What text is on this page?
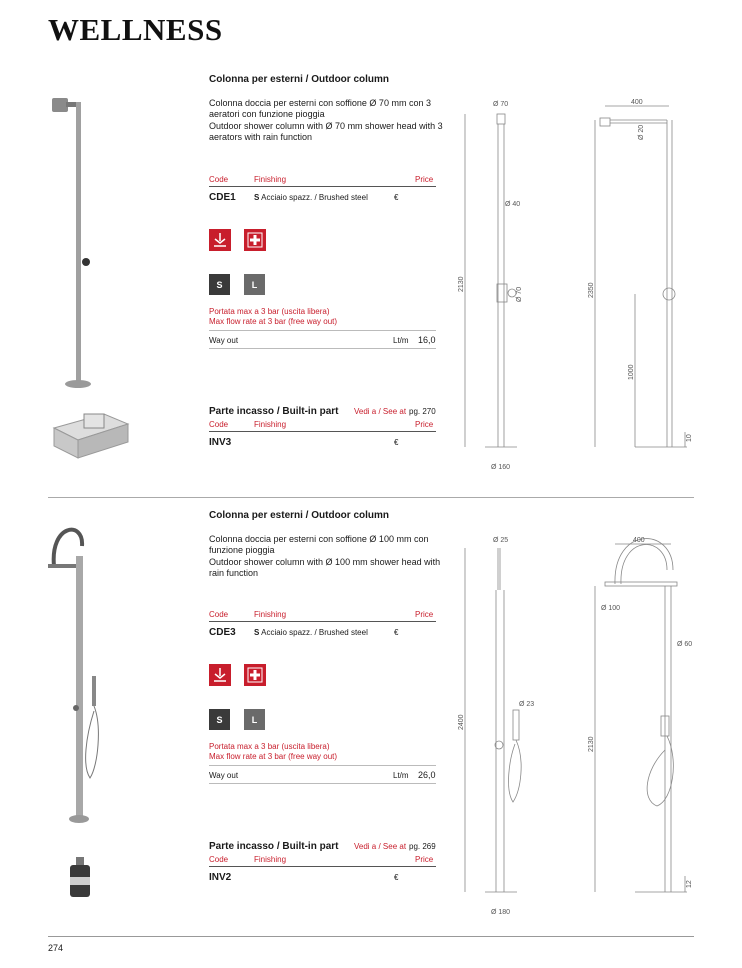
WELLNESS
Colonna per esterni / Outdoor column
Colonna doccia per esterni con soffione Ø 70 mm con 3 aeratori con funzione pioggia
Outdoor shower column with Ø 70 mm shower head with 3 aerators with rain function
Code	Finishing	Price
CDE1 S Acciaio spazz. / Brushed steel	€
S	L
Portata max a 3 bar (uscita libera)
Max flow rate at 3 bar (free way out)
Way out	Lt/m 16,0
Parte incasso / Built-in part Vedi a / See at pg. 270
Code	Finishing	Price
INV3	€
Ø 70
Ø 40
Ø 70
2130
Ø 160
400
Ø 20
2350
1000
10
Colonna per esterni / Outdoor column
Colonna doccia per esterni con soffione Ø 100 mm con funzione pioggia
Outdoor shower column with Ø 100 mm shower head with rain function
Code	Finishing	Price
CDE3 S Acciaio spazz. / Brushed steel	€
S	L
Portata max a 3 bar (uscita libera)
Max flow rate at 3 bar (free way out)
Way out	Lt/m 26,0
Parte incasso / Built-in part Vedi a / See at pg. 269
Code	Finishing	Price
INV2	€
Ø 25
Ø 23
2400
Ø 180
400
Ø 100
Ø 60
2130
12
274
